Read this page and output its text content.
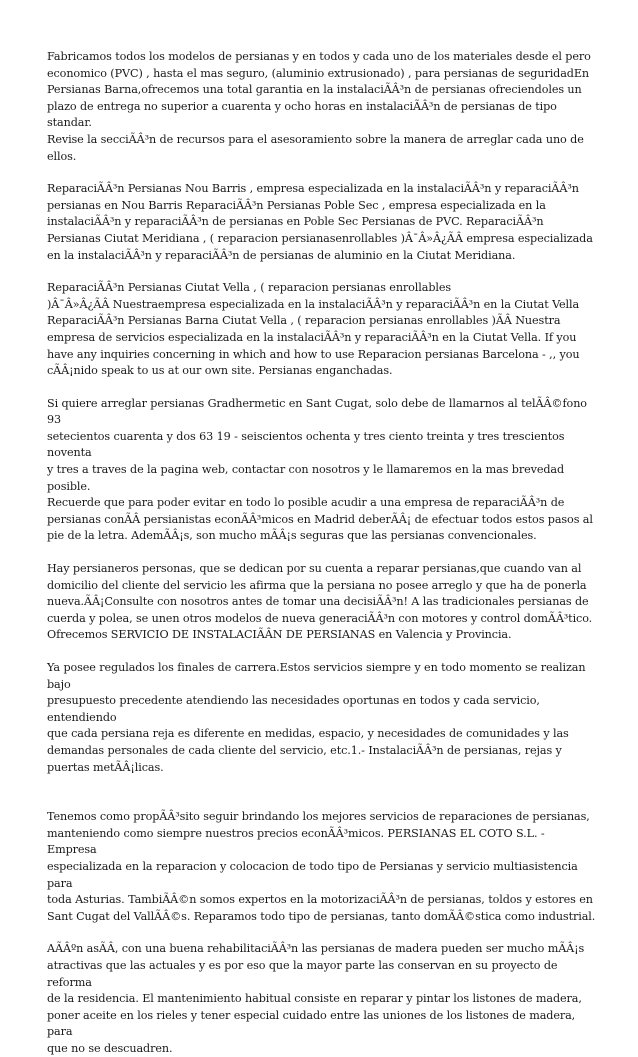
Fabricamos todos los modelos de persianas y en todos y cada uno de los materiales desde el pero
economico (PVC) , hasta el mas seguro, (aluminio extrusionado) , para persianas de seguridadEn
Persianas Barna,ofrecemos una total garantia en la instalaciÃÂ³n de persianas ofreciendoles un
plazo de entrega no superior a cuarenta y ocho horas en instalaciÃÂ³n de persianas de tipo standar.
Revise la secciÃÂ³n de recursos para el asesoramiento sobre la manera de arreglar cada uno de
ellos.

ReparaciÃÂ³n Persianas Nou Barris , empresa especializada en la instalaciÃÂ³n y reparaciÃÂ³n
persianas en Nou Barris ReparaciÃÂ³n Persianas Poble Sec , empresa especializada en la
instalaciÃÂ³n y reparaciÃÂ³n de persianas en Poble Sec Persianas de PVC. ReparaciÃÂ³n
Persianas Ciutat Meridiana , ( reparacion persianasenrollables )Â¯Â»Â¿ÃÂ empresa especializada
en la instalaciÃÂ³n y reparaciÃÂ³n de persianas de aluminio en la Ciutat Meridiana.

ReparaciÃÂ³n Persianas Ciutat Vella , ( reparacion persianas enrollables
)Â¯Â»Â¿ÃÂ Nuestraempresa especializada en la instalaciÃÂ³n y reparaciÃÂ³n en la Ciutat Vella
ReparaciÃÂ³n Persianas Barna Ciutat Vella , ( reparacion persianas enrollables )ÃÂ Nuestra
empresa de servicios especializada en la instalaciÃÂ³n y reparaciÃÂ³n en la Ciutat Vella. If you
have any inquiries concerning in which and how to use Reparacion persianas Barcelona - ,, you
cÃÂ¡nido speak to us at our own site. Persianas enganchadas.

Si quiere arreglar persianas Gradhermetic en Sant Cugat, solo debe de llamarnos al telÃÂ©fono 93
setecientos cuarenta y dos 63 19 - seiscientos ochenta y tres ciento treinta y tres trescientos noventa
y tres a traves de la pagina web, contactar con nosotros y le llamaremos en la mas brevedad posible.
Recuerde que para poder evitar en todo lo posible acudir a una empresa de reparaciÃÂ³n de
persianas conÃÂ persianistas econÃÂ³micos en Madrid deberÃÂ¡ de efectuar todos estos pasos al
pie de la letra. AdemÃÂ¡s, son mucho mÃÂ¡s seguras que las persianas convencionales.

Hay persianeros personas, que se dedican por su cuenta a reparar persianas,que cuando van al
domicilio del cliente del servicio les afirma que la persiana no posee arreglo y que ha de ponerla
nueva.ÃÂ¡Consulte con nosotros antes de tomar una decisiÃÂ³n! A las tradicionales persianas de
cuerda y polea, se unen otros modelos de nueva generaciÃÂ³n con motores y control domÃÂ³tico.
Ofrecemos SERVICIO DE INSTALACIÃÂN DE PERSIANAS en Valencia y Provincia.

Ya posee regulados los finales de carrera.Estos servicios siempre y en todo momento se realizan bajo
presupuesto precedente atendiendo las necesidades oportunas en todos y cada servicio, entendiendo
que cada persiana reja es diferente en medidas, espacio, y necesidades de comunidades y las
demandas personales de cada cliente del servicio, etc.1.- InstalaciÃÂ³n de persianas, rejas y
puertas metÃÂ¡licas.

Tenemos como propÃÂ³sito seguir brindando los mejores servicios de reparaciones de persianas,
manteniendo como siempre nuestros precios econÃÂ³micos. PERSIANAS EL COTO S.L. - Empresa
especializada en la reparacion y colocacion de todo tipo de Persianas y servicio multiasistencia para
toda Asturias. TambiÃÂ©n somos expertos en la motorizaciÃÂ³n de persianas, toldos y estores en
Sant Cugat del VallÃÂ©s. Reparamos todo tipo de persianas, tanto domÃÂ©stica como industrial.

AÃÂºn asÃÂ, con una buena rehabilitaciÃÂ³n las persianas de madera pueden ser mucho mÃÂ¡s
atractivas que las actuales y es por eso que la mayor parte las conservan en su proyecto de reforma
de la residencia. El mantenimiento habitual consiste en reparar y pintar los listones de madera,
poner aceite en los rieles y tener especial cuidado entre las uniones de los listones de madera, para
que no se descuadren.
